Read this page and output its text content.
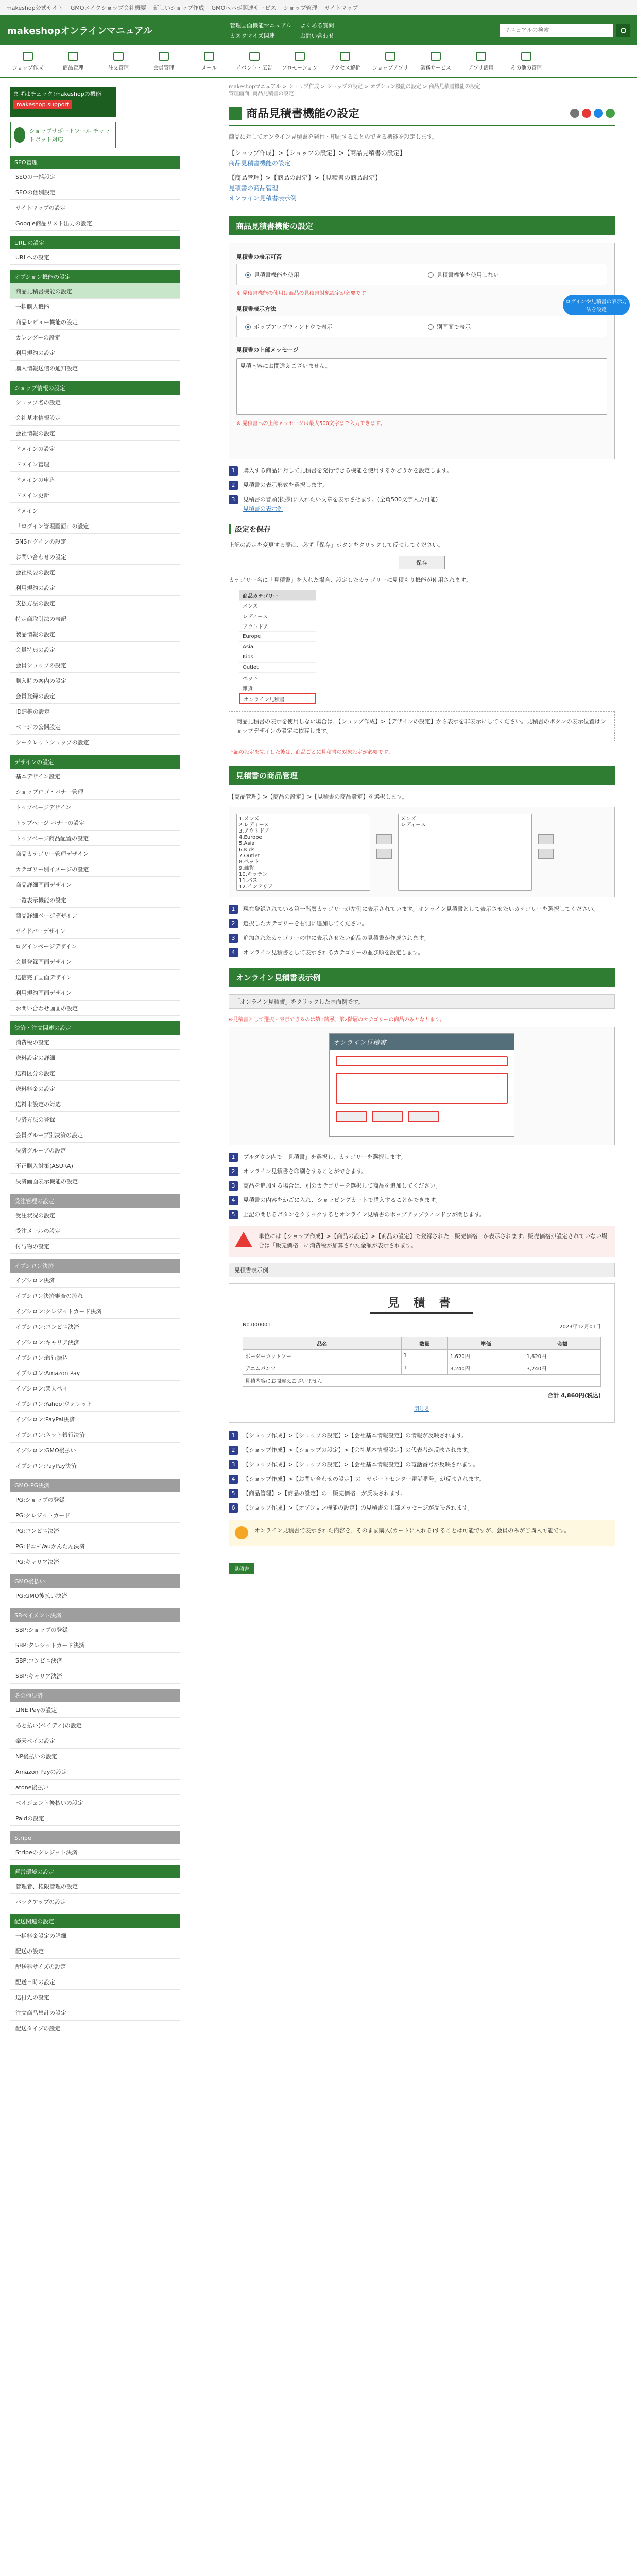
makeshop公式サイト GMOメイクショップ会社概要 新しいショップ作成 GMOペパボ関連サービス ショップ管理 サイトマップ
makeshopオンラインマニュアル
管理画面機能マニュアル よくある質問
カスタマイズ関連	お問い合わせ
マニュアルの検索
ショップ作成	商品管理	注文管理	会員管理	メール	イベント・広告 プロモーション アクセス解析 ショップアプリ 業務サービス	アプリ活用	その他の管理
まずはチェック!makeshopの機能
makeshop support
ショップサポートツール チャットボット対応
SEO管理
SEOの一括設定
SEOの個別設定
サイトマップの設定
Google商品リスト出力の設定
URL の設定
URLへの設定
オプション機能の設定
商品見積書機能の設定
一括購入機能
商品レビュー機能の設定
カレンダーの設定
利用規約の設定
購入情報送信の通知設定
ショップ情報の設定
ショップ名の設定
会社基本情報設定
会社情報の設定
ドメインの設定
ドメイン管理
ドメインの申込
ドメイン更新
ドメイン
「ログイン管理画面」の設定
SNSログインの設定
お問い合わせの設定
会社概要の設定
利用規約の設定
支払方法の設定
特定商取引法の表記
製品情報の設定
会員特典の設定
会員ショップの設定
購入時の案内の設定
会員登録の設定
ID連携の設定
ページの公開設定
シークレットショップの設定
デザインの設定
基本デザイン設定
ショップロゴ・バナー管理
トップページデザイン
トップページ バナーの設定
トップページ商品配置の設定
商品カテゴリー管理デザイン
カテゴリー別イメージの設定
商品詳細画面デザイン
一覧表示機能の設定
商品詳細ページデザイン
サイドバーデザイン
ログインページデザイン
会員登録画面デザイン
送信完了画面デザイン
利用規約画面デザイン
お問い合わせ画面の設定
決済・注文関連の設定
消費税の設定
送料設定の詳細
送料区分の設定
送料料金の設定
送料未設定の対応
決済方法の登録
会員グループ別決済の設定
決済グループの設定
不正購入対策(ASURA)
決済画面表示機能の設定
受注管理の設定
受注状況の設定
受注メールの設定
付与物の設定
イプシロン決済
イプシロン決済
イプシロン決済審査の流れ
イプシロン:クレジットカード決済
イプシロン:コンビニ決済
イプシロン:キャリア決済
イプシロン:銀行振込
イプシロン:Amazon Pay
イプシロン:楽天ペイ
イプシロン:Yahoo!ウォレット
イプシロン:PayPal決済
イプシロン:ネット銀行決済
イプシロン:GMO後払い
イプシロン:PayPay決済
GMO-PG決済
PG:ショップの登録
PG:クレジットカード
PG:コンビニ決済
PG:ドコモ/auかんたん決済
PG:キャリア決済
GMO後払い
PG:GMO後払い決済
SBペイメント決済
SBP:ショップの登録
SBP:クレジットカード決済
SBP:コンビニ決済
SBP:キャリア決済
その他決済
LINE Payの設定
あと払い(ペイディ)の設定
楽天ペイの設定
NP後払いの設定
Amazon Payの設定
atone後払い
ペイジェント後払いの設定
Paidの設定
Stripe
Stripeのクレジット決済
運営環境の設定
管理者、権限管理の設定
バックアップの設定
配送関連の設定
一括料金設定の詳細
配送の設定
配送料サイズの設定
配送日時の設定
送付先の設定
注文商品集計の設定
配送タイプの設定
makeshopマニュアル > ショップ作成 > ショップの設定 > オプション機能の設定 > 商品見積書機能の設定
管理画面: 商品見積書の設定
商品見積書機能の設定
商品に対してオンライン見積書を発行・印刷することのできる機能を設定します。
【ショップ作成】>【ショップの設定】>【商品見積書の設定】
商品見積書機能の設定
【商品管理】>【商品の設定】>【見積書の商品設定】
見積書の商品管理
オンライン見積書表示例
商品見積書機能の設定
見積書の表示可否
見積書機能を使用	見積書機能を使用しない
※ 見積書機能の使用は商品の見積書対象設定が必要です。
見積書表示方法
ポップアップウィンドウで表示	別画面で表示
ログインや見積書の表示方法を設定
見積書の上部メッセージ
見積内容にお間違えございません。
※ 見積書への上部メッセージは最大500文字まで入力できます。
1	購入する商品に対して見積書を発行できる機能を使用するかどうかを設定します。
2	見積書の表示形式を選択します。
3	見積書の冒頭(挨拶)に入れたい文章を表示させます。(全角500文字入力可能)
見積書の表示例
設定を保存
上記の設定を変更する際は、必ず「保存」ボタンをクリックして反映してください。
保存
カテゴリー名に「見積書」を入れた場合、設定したカテゴリーに見積もり機能が使用されます。
商品カテゴリー
メンズ
レディース
アウトドア
Europe
Asia
Kids
Outlet
ペット
雑貨
オンライン見積書
商品見積書の表示を使用しない場合は、【ショップ作成】>【デザインの設定】から表示を非表示にしてください。見積書のボタンの表示位置はショップデザインの設定に依存します。
上記の設定を完了した後は、商品ごとに見積書の対象設定が必要です。
見積書の商品管理
【商品管理】>【商品の設定】>【見積書の商品設定】を選択します。
1.メンズ
2.レディース
3.アウトドア
4.Europe
5.Asia
6.Kids
7.Outlet
8.ペット
9.雑貨
10.キッチン
11.バス
12.インテリア
メンズ
レディース
1	現在登録されている第一階層カテゴリーが左側に表示されています。オンライン見積書として表示させたいカテゴリーを選択してください。
2	選択したカテゴリーを右側に追加してください。
3	追加されたカテゴリーの中に表示させたい商品の見積書が作成されます。
4	オンライン見積書として表示されるカテゴリーの並び順を設定します。
オンライン見積書表示例
「オンライン見積書」をクリックした画面例です。
※見積書として選択・表示できるのは第1階層、第2階層のカテゴリーの商品のみとなります。
オンライン見積書
1	プルダウン内で「見積書」を選択し、カテゴリーを選択します。
2	オンライン見積書を印刷をすることができます。
3	商品を追加する場合は、別のカテゴリーを選択して商品を追加してください。
4	見積書の内容をかごに入れ、ショッピングカートで購入することができます。
5	上記の閉じるボタンをクリックするとオンライン見積書のポップアップウィンドウが閉じます。
単位には【ショップ作成】>【商品の設定】>【商品の設定】で登録された「販売価格」が表示されます。販売価格が設定されていない場合は「販売価格」に消費税が加算された金額が表示されます。
見積書表示例
見 積 書
No.000001	2023年12月01日
品名	数量	単価	金額
ボーダーカットソー	1	1,620円	1,620円
デニムパンツ	1	3,240円	3,240円
見積内容にお間違えございません。			
合計 4,860円(税込)
閉じる
1	【ショップ作成】>【ショップの設定】>【会社基本情報設定】の情報が反映されます。
2	【ショップ作成】>【ショップの設定】>【会社基本情報設定】の代表者が反映されます。
3	【ショップ作成】>【ショップの設定】>【会社基本情報設定】の電話番号が反映されます。
4	【ショップ作成】>【お問い合わせの設定】の「サポートセンター電話番号」が反映されます。
5	【商品管理】>【商品の設定】の「販売価格」が反映されます。
6	【ショップ作成】>【オプション機能の設定】の見積書の上部メッセージが反映されます。
オンライン見積書で表示された内容を、そのまま購入(カートに入れる)することは可能ですが、会員のみがご購入可能です。
見積書
